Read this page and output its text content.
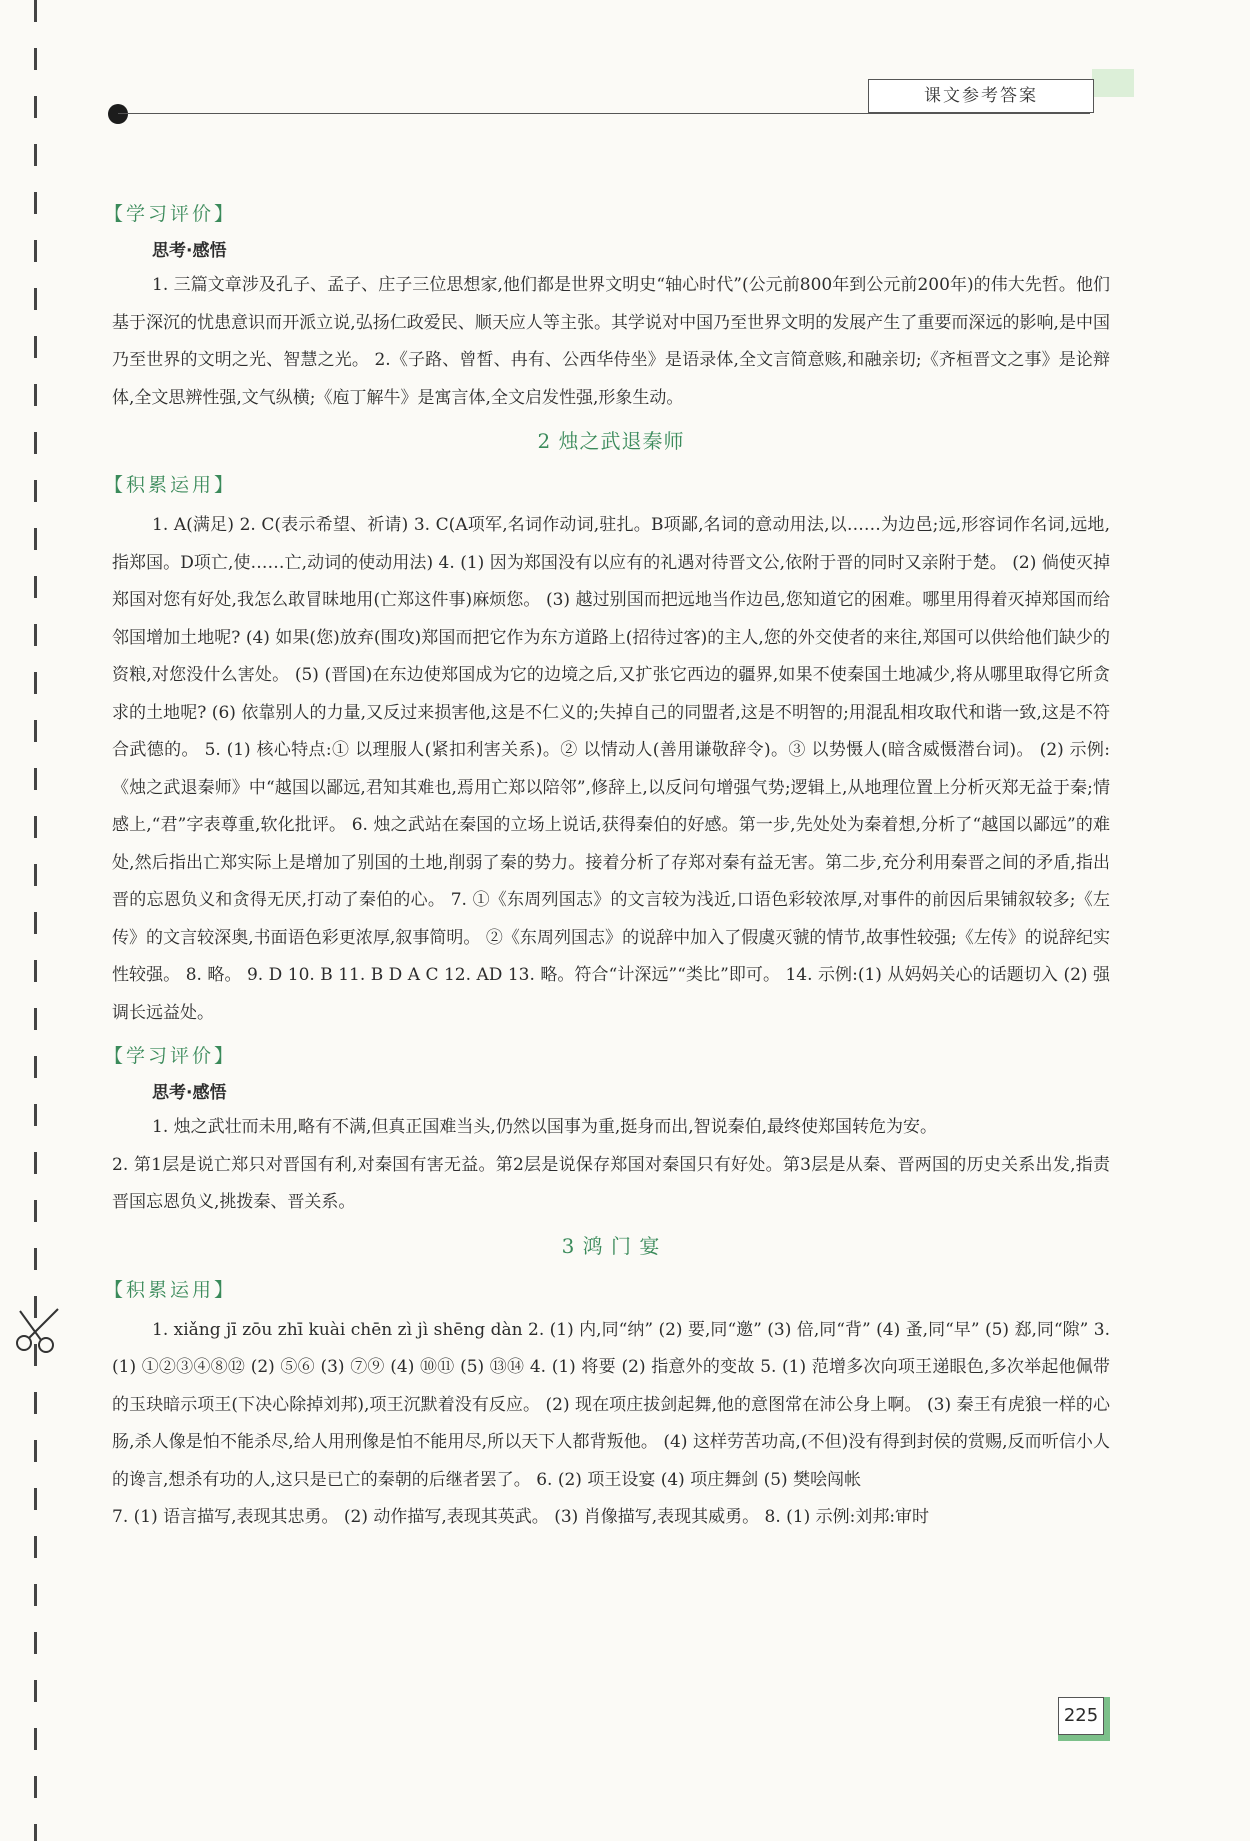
课文参考答案
【学习评价】
思考·感悟

1. 三篇文章涉及孔子、孟子、庄子三位思想家,他们都是世界文明史“轴心时代”(公元前800年到公元前200年)的伟大先哲。他们基于深沉的忧患意识而开派立说,弘扬仁政爱民、顺天应人等主张。其学说对中国乃至世界文明的发展产生了重要而深远的影响,是中国乃至世界的文明之光、智慧之光。 2.《子路、曾皙、冉有、公西华侍坐》是语录体,全文言简意赅,和融亲切;《齐桓晋文之事》是论辩体,全文思辨性强,文气纵横;《庖丁解牛》是寓言体,全文启发性强,形象生动。

2 烛之武退秦师
【积累运用】

1. A(满足) 2. C(表示希望、祈请) 3. C(A项军,名词作动词,驻扎。B项鄙,名词的意动用法,以……为边邑;远,形容词作名词,远地,指郑国。D项亡,使……亡,动词的使动用法) 4. (1) 因为郑国没有以应有的礼遇对待晋文公,依附于晋的同时又亲附于楚。 (2) 倘使灭掉郑国对您有好处,我怎么敢冒昧地用(亡郑这件事)麻烦您。 (3) 越过别国而把远地当作边邑,您知道它的困难。哪里用得着灭掉郑国而给邻国增加土地呢? (4) 如果(您)放弃(围攻)郑国而把它作为东方道路上(招待过客)的主人,您的外交使者的来往,郑国可以供给他们缺少的资粮,对您没什么害处。 (5) (晋国)在东边使郑国成为它的边境之后,又扩张它西边的疆界,如果不使秦国土地减少,将从哪里取得它所贪求的土地呢? (6) 依靠别人的力量,又反过来损害他,这是不仁义的;失掉自己的同盟者,这是不明智的;用混乱相攻取代和谐一致,这是不符合武德的。 5. (1) 核心特点:① 以理服人(紧扣利害关系)。② 以情动人(善用谦敬辞令)。③ 以势慑人(暗含威慑潜台词)。 (2) 示例:《烛之武退秦师》中“越国以鄙远,君知其难也,焉用亡郑以陪邻”,修辞上,以反问句增强气势;逻辑上,从地理位置上分析灭郑无益于秦;情感上,“君”字表尊重,软化批评。 6. 烛之武站在秦国的立场上说话,获得秦伯的好感。第一步,先处处为秦着想,分析了“越国以鄙远”的难处,然后指出亡郑实际上是增加了别国的土地,削弱了秦的势力。接着分析了存郑对秦有益无害。第二步,充分利用秦晋之间的矛盾,指出晋的忘恩负义和贪得无厌,打动了秦伯的心。 7. ①《东周列国志》的文言较为浅近,口语色彩较浓厚,对事件的前因后果铺叙较多;《左传》的文言较深奥,书面语色彩更浓厚,叙事简明。 ②《东周列国志》的说辞中加入了假虞灭虢的情节,故事性较强;《左传》的说辞纪实性较强。 8. 略。 9. D 10. B 11. B D A C 12. AD 13. 略。符合“计深远”“类比”即可。 14. 示例:(1) 从妈妈关心的话题切入 (2) 强调长远益处。

【学习评价】
思考·感悟

1. 烛之武壮而未用,略有不满,但真正国难当头,仍然以国事为重,挺身而出,智说秦伯,最终使郑国转危为安。

2. 第1层是说亡郑只对晋国有利,对秦国有害无益。第2层是说保存郑国对秦国只有好处。第3层是从秦、晋两国的历史关系出发,指责晋国忘恩负义,挑拨秦、晋关系。

3 鸿 门 宴
【积累运用】

1. xiǎng jī zōu zhī kuài chēn zì jì shēng dàn 2. (1) 内,同“纳” (2) 要,同“邀” (3) 倍,同“背” (4) 蚤,同“早” (5) 郄,同“隙” 3. (1) ①②③④⑧⑫ (2) ⑤⑥ (3) ⑦⑨ (4) ⑩⑪ (5) ⑬⑭ 4. (1) 将要 (2) 指意外的变故 5. (1) 范增多次向项王递眼色,多次举起他佩带的玉玦暗示项王(下决心除掉刘邦),项王沉默着没有反应。 (2) 现在项庄拔剑起舞,他的意图常在沛公身上啊。 (3) 秦王有虎狼一样的心肠,杀人像是怕不能杀尽,给人用刑像是怕不能用尽,所以天下人都背叛他。 (4) 这样劳苦功高,(不但)没有得到封侯的赏赐,反而听信小人的谗言,想杀有功的人,这只是已亡的秦朝的后继者罢了。 6. (2) 项王设宴 (4) 项庄舞剑 (5) 樊哙闯帐

7. (1) 语言描写,表现其忠勇。 (2) 动作描写,表现其英武。 (3) 肖像描写,表现其威勇。 8. (1) 示例:刘邦:审时

225
